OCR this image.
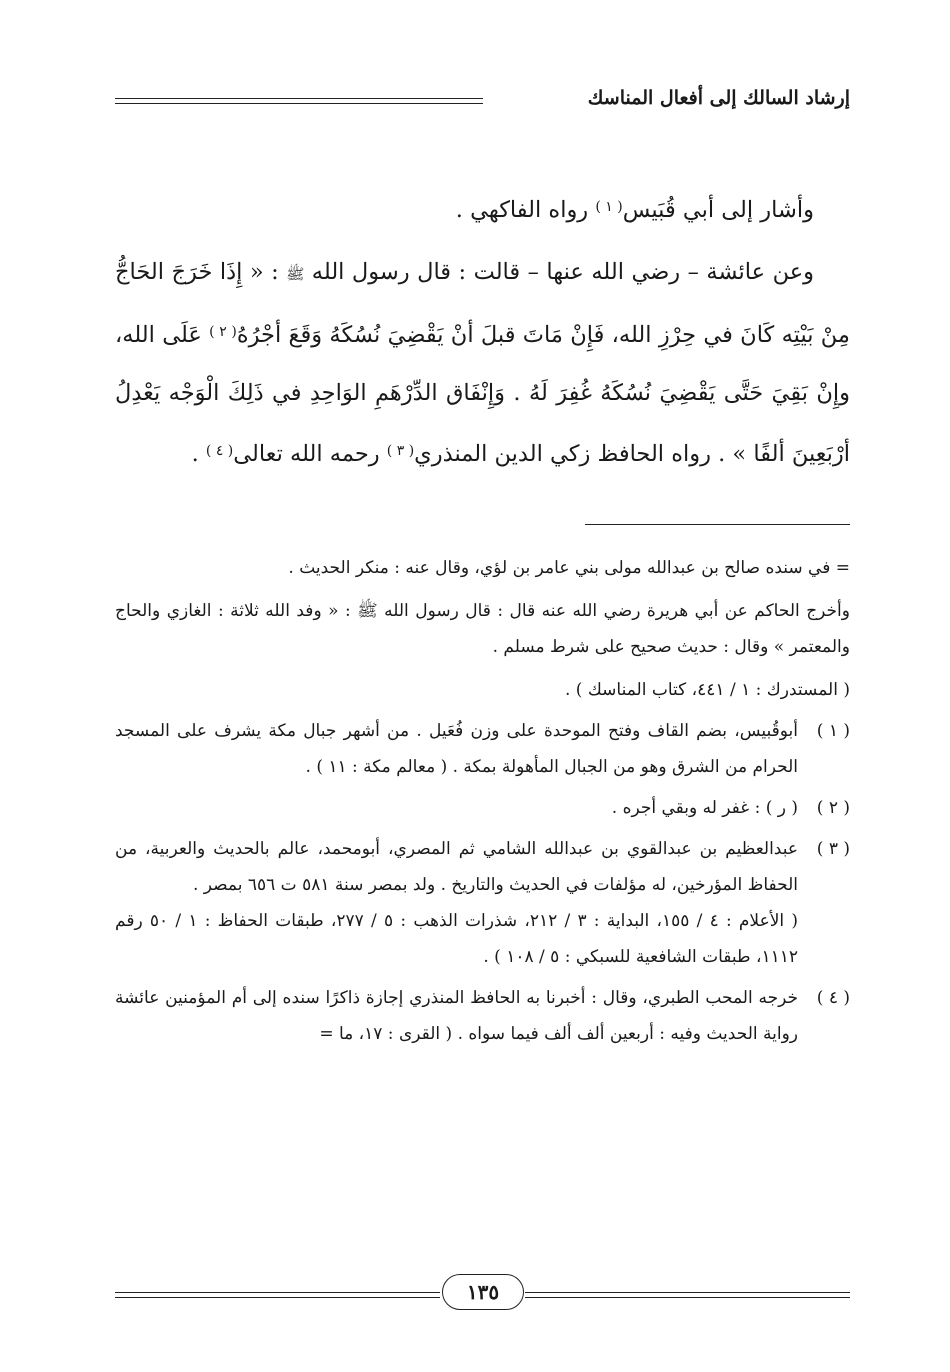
إرشاد السالك إلى أفعال المناسك

وأشار إلى أبي قُبَيس$^{( ١ )}$ رواه الفاكهي .

وعن عائشة – رضي الله عنها – قالت : قال رسول الله ﷺ : « إِذَا خَرَجَ الحَاجُّ مِنْ بَيْتِه كَانَ في حِرْزِ الله، فَإِنْ مَاتَ قبلَ أنْ يَقْضِيَ نُسُكَهُ وَقَعَ أجْرُهُ$^{( ٢ )}$ عَلَى الله، وإِنْ بَقِيَ حَتَّى يَقْضِيَ نُسُكَهُ غُفِرَ لَهُ . وَإِنْفَاق الدِّرْهَمِ الوَاحِدِ في ذَلِكَ الْوَجْه يَعْدِلُ أرْبَعِينَ ألفًا » . رواه الحافظ زكي الدين المنذري$^{( ٣ )}$ رحمه الله تعالى$^{( ٤ )}$ .

= في سنده صالح بن عبدالله مولى بني عامر بن لؤي، وقال عنه : منكر الحديث .

وأخرج الحاكم عن أبي هريرة رضي الله عنه قال : قال رسول الله ﷺ : « وفد الله ثلاثة : الغازي والحاج والمعتمر » وقال : حديث صحيح على شرط مسلم .

( المستدرك : ١ / ٤٤١، كتاب المناسك ) .

( ١ )

أبوقُبيس، بضم القاف وفتح الموحدة على وزن فُعَيل . من أشهر جبال مكة يشرف على المسجد الحرام من الشرق وهو من الجبال المأهولة بمكة . ( معالم مكة : ١١ ) .

( ٢ )

( ر ) : غفر له وبقي أجره .

( ٣ )

عبدالعظيم بن عبدالقوي بن عبدالله الشامي ثم المصري، أبومحمد، عالم بالحديث والعربية، من الحفاظ المؤرخين، له مؤلفات في الحديث والتاريخ . ولد بمصر سنة ٥٨١ ت ٦٥٦ بمصر .

( الأعلام : ٤ / ١٥٥، البداية : ٣ / ٢١٢، شذرات الذهب : ٥ / ٢٧٧، طبقات الحفاظ : ١ / ٥٠ رقم ١١١٢، طبقات الشافعية للسبكي : ٥ / ١٠٨ ) .

( ٤ )

خرجه المحب الطبري، وقال : أخبرنا به الحافظ المنذري إجازة ذاكرًا سنده إلى أم المؤمنين عائشة رواية الحديث وفيه : أربعين ألف ألف فيما سواه . ( القرى : ١٧، ما =

١٣٥
